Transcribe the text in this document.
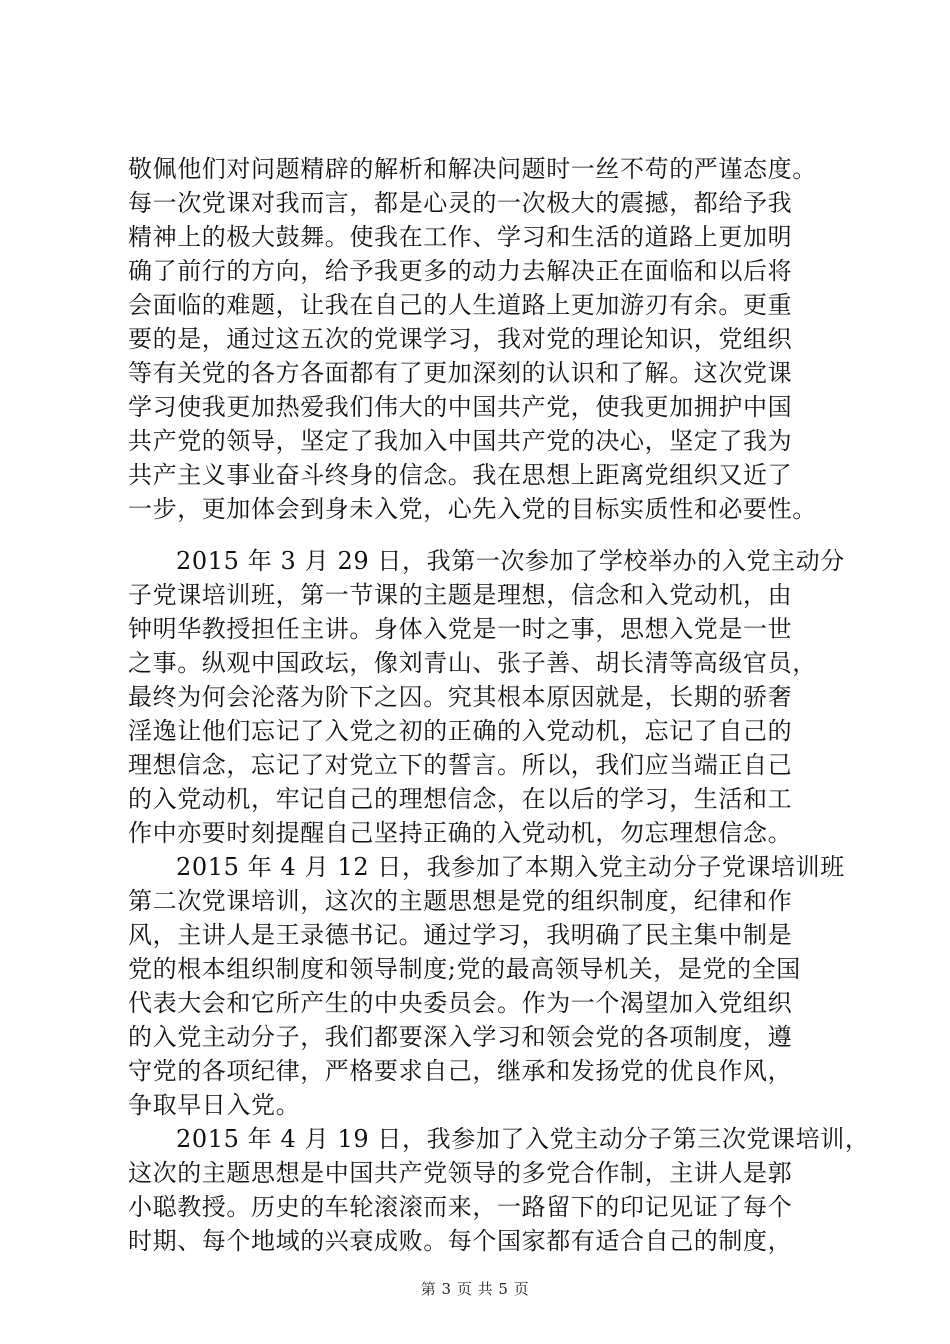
敬佩他们对问题精辟的解析和解决问题时一丝不苟的严谨态度。
每一次党课对我而言，都是心灵的一次极大的震撼，都给予我
精神上的极大鼓舞。使我在工作、学习和生活的道路上更加明
确了前行的方向，给予我更多的动力去解决正在面临和以后将
会面临的难题，让我在自己的人生道路上更加游刃有余。更重
要的是，通过这五次的党课学习，我对党的理论知识，党组织
等有关党的各方各面都有了更加深刻的认识和了解。这次党课
学习使我更加热爱我们伟大的中国共产党，使我更加拥护中国
共产党的领导，坚定了我加入中国共产党的决心，坚定了我为
共产主义事业奋斗终身的信念。我在思想上距离党组织又近了
一步，更加体会到身未入党，心先入党的目标实质性和必要性。
2015 年 3 月 29 日，我第一次参加了学校举办的入党主动分
子党课培训班，第一节课的主题是理想，信念和入党动机，由
钟明华教授担任主讲。身体入党是一时之事，思想入党是一世
之事。纵观中国政坛，像刘青山、张子善、胡长清等高级官员，
最终为何会沦落为阶下之囚。究其根本原因就是，长期的骄奢
淫逸让他们忘记了入党之初的正确的入党动机，忘记了自己的
理想信念，忘记了对党立下的誓言。所以，我们应当端正自己
的入党动机，牢记自己的理想信念，在以后的学习，生活和工
作中亦要时刻提醒自己坚持正确的入党动机，勿忘理想信念。
2015 年 4 月 12 日，我参加了本期入党主动分子党课培训班
第二次党课培训，这次的主题思想是党的组织制度，纪律和作
风，主讲人是王录德书记。通过学习，我明确了民主集中制是
党的根本组织制度和领导制度;党的最高领导机关，是党的全国
代表大会和它所产生的中央委员会。作为一个渴望加入党组织
的入党主动分子，我们都要深入学习和领会党的各项制度，遵
守党的各项纪律，严格要求自己，继承和发扬党的优良作风，
争取早日入党。
2015 年 4 月 19 日，我参加了入党主动分子第三次党课培训，
这次的主题思想是中国共产党领导的多党合作制，主讲人是郭
小聪教授。历史的车轮滚滚而来，一路留下的印记见证了每个
时期、每个地域的兴衰成败。每个国家都有适合自己的制度，
第 3 页 共 5 页
